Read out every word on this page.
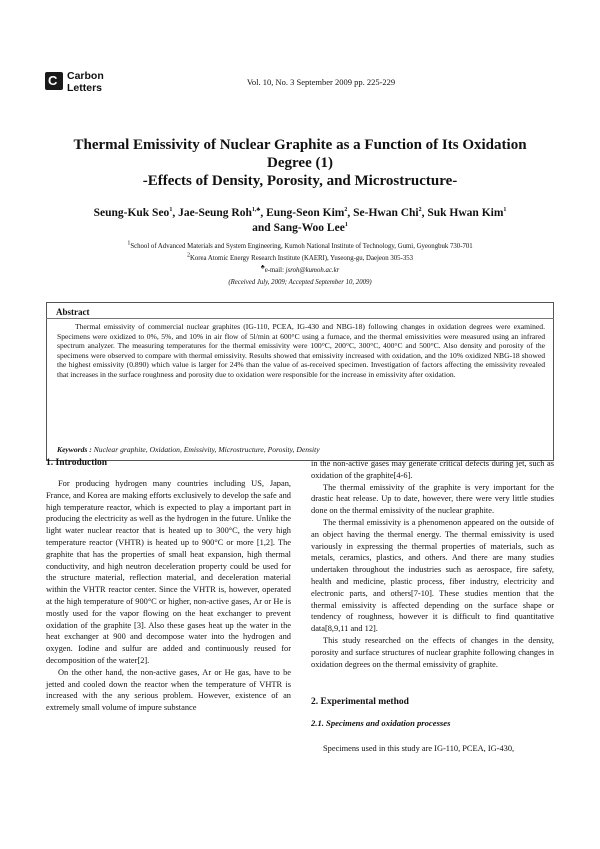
C Carbon
Letters	Vol. 10, No. 3 September 2009 pp. 225-229
Thermal Emissivity of Nuclear Graphite as a Function of Its Oxidation
Degree (1)
-Effects of Density, Porosity, and Microstructure-
Seung-Kuk Seo$^1$, Jae-Seung Roh$^{1,♣}$, Eung-Seon Kim$^2$, Se-Hwan Chi$^2$, Suk Hwan Kim$^1$
and Sang-Woo Lee$^1$
$^1$School of Advanced Materials and System Engineering, Kumoh National Institute of Technology, Gumi, Gyeongbuk 730-701
$^2$Korea Atomic Energy Research Institute (KAERI), Yuseong-gu, Daejeon 305-353
♣e-mail: jsroh@kumoh.ac.kr
(Received July, 2009; Accepted September 10, 2009)
Abstract
Thermal emissivity of commercial nuclear graphites (IG-110, PCEA, IG-430 and NBG-18) following changes in oxidation degrees were examined. Specimens were oxidized to 0%, 5%, and 10% in air flow of 5l/min at 600°C using a furnace, and the thermal emissivities were measured using an infrared spectrum analyzer. The measuring temperatures for the thermal emissivity were 100°C, 200°C, 300°C, 400°C and 500°C. Also density and porosity of the specimens were observed to compare with thermal emissivity. Results showed that emissivity increased with oxidation, and the 10% oxidized NBG-18 showed the highest emissivity (0.890) which value is larger for 24% than the value of as-received specimen. Investigation of factors affecting the emissivity revealed that increases in the surface roughness and porosity due to oxidation were responsible for the increase in emissivity after oxidation.
Keywords : Nuclear graphite, Oxidation, Emissivity, Microstructure, Porosity, Density
1. Introduction

For producing hydrogen many countries including US, Japan, France, and Korea are making efforts exclusively to develop the safe and high temperature reactor, which is expected to play a important part in producing the electricity as well as the hydrogen in the future. Unlike the light water nuclear reactor that is heated up to 300°C, the very high temperature reactor (VHTR) is heated up to 900°C or more [1,2]. The graphite that has the properties of small heat expansion, high thermal conductivity, and high neutron deceleration property could be used for the structure material, reflection material, and deceleration material within the VHTR reactor center. Since the VHTR is, however, operated at the high temperature of 900°C or higher, non-active gases, Ar or He is mostly used for the vapor flowing on the heat exchanger to prevent oxidation of the graphite [3]. Also these gases heat up the water in the heat exchanger at 900 and decompose water into the hydrogen and oxygen. Iodine and sulfur are added and continuously reused for decomposition of the water[2].

On the other hand, the non-active gases, Ar or He gas, have to be jetted and cooled down the reactor when the temperature of VHTR is increased with the any serious problem. However, existence of an extremely small volume of impure substance

in the non-active gases may generate critical defects during jet, such as oxidation of the graphite[4-6].

The thermal emissivity of the graphite is very important for the drastic heat release. Up to date, however, there were very little studies done on the thermal emissivity of the nuclear graphite.

The thermal emissivity is a phenomenon appeared on the outside of an object having the thermal energy. The thermal emissivity is used variously in expressing the thermal properties of materials, such as metals, ceramics, plastics, and others. And there are many studies undertaken throughout the industries such as aerospace, fire safety, health and medicine, plastic process, fiber industry, electricity and electronic parts, and others[7-10]. These studies mention that the thermal emissivity is affected depending on the surface shape or tendency of roughness, however it is difficult to find quantitative data[8,9,11 and 12].

This study researched on the effects of changes in the density, porosity and surface structures of nuclear graphite following changes in oxidation degrees on the thermal emissivity of graphite.

2. Experimental method
2.1. Specimens and oxidation processes

Specimens used in this study are IG-110, PCEA, IG-430,
